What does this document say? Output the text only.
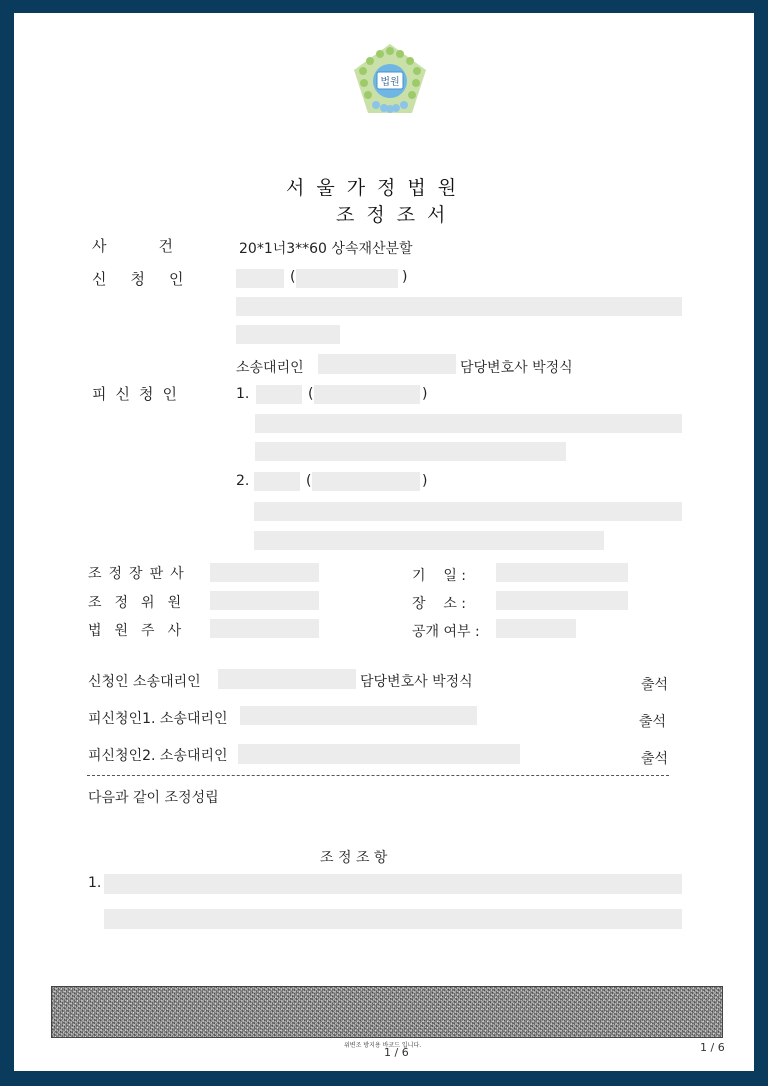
법원
서울가정법원
조정조서
사건 20*1너3**60 상속재산분할
신청인	(	)
소송대리인	담당변호사 박정식
피신청인	1.	(	)
2.	(	)
조정장판사	기    일 :
조정위원	장    소 :
법원주사	공개 여부 :
신청인 소송대리인	담당변호사 박정식	출석
피신청인1. 소송대리인	출석
피신청인2. 소송대리인	출석
다음과 같이 조정성립
조 정 조 항
1.
위변조 방지용 바코드 입니다.
1 / 6	1 / 6
